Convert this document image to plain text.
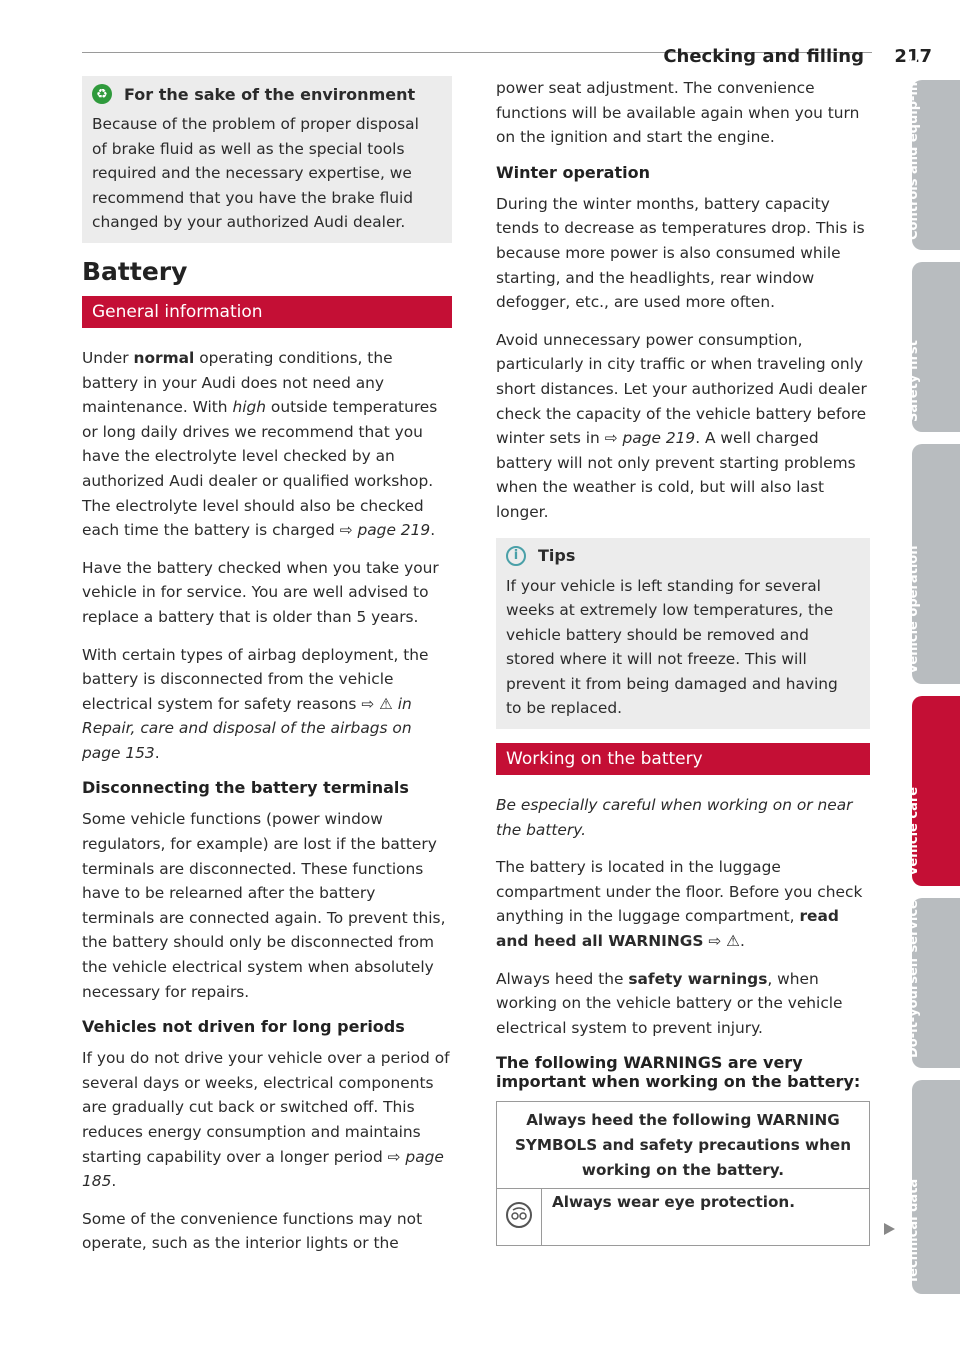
Checking and filling 217
♻ For the sake of the environment

Because of the problem of proper disposal of brake fluid as well as the special tools required and the necessary expertise, we recommend that you have the brake fluid changed by your authorized Audi dealer.

Battery
General information

Under normal operating conditions, the battery in your Audi does not need any maintenance. With high outside temperatures or long daily drives we recommend that you have the electrolyte level checked by an authorized Audi dealer or qualified workshop. The electrolyte level should also be checked each time the battery is charged ⇨ page 219.

Have the battery checked when you take your vehicle in for service. You are well advised to replace a battery that is older than 5 years.

With certain types of airbag deployment, the battery is disconnected from the vehicle electrical system for safety reasons ⇨ ⚠ in Repair, care and disposal of the airbags on page 153.

Disconnecting the battery terminals

Some vehicle functions (power window regulators, for example) are lost if the battery terminals are disconnected. These functions have to be relearned after the battery terminals are connected again. To prevent this, the battery should only be disconnected from the vehicle electrical system when absolutely necessary for repairs.

Vehicles not driven for long periods

If you do not drive your vehicle over a period of several days or weeks, electrical components are gradually cut back or switched off. This reduces energy consumption and maintains starting capability over a longer period ⇨ page 185.

Some of the convenience functions may not operate, such as the interior lights or the

power seat adjustment. The convenience functions will be available again when you turn on the ignition and start the engine.

Winter operation

During the winter months, battery capacity tends to decrease as temperatures drop. This is because more power is also consumed while starting, and the headlights, rear window defogger, etc., are used more often.

Avoid unnecessary power consumption, particularly in city traffic or when traveling only short distances. Let your authorized Audi dealer check the capacity of the vehicle battery before winter sets in ⇨ page 219. A well charged battery will not only prevent starting problems when the weather is cold, but will also last longer.

i	Tips

If your vehicle is left standing for several weeks at extremely low temperatures, the vehicle battery should be removed and stored where it will not freeze. This will prevent it from being damaged and having to be replaced.

Working on the battery

Be especially careful when working on or near the battery.

The battery is located in the luggage compartment under the floor. Before you check anything in the luggage compartment, read and heed all WARNINGS ⇨ ⚠.

Always heed the safety warnings, when working on the vehicle battery or the vehicle electrical system to prevent injury.

The following WARNINGS are very important when working on the battery:
Always heed the following WARNING SYMBOLS and safety precautions when working on the battery.
Always wear eye protection.
Controls and equip-ment
Safety first
Vehicle operation
Vehicle care
Do-it-yourself service
Technical data
